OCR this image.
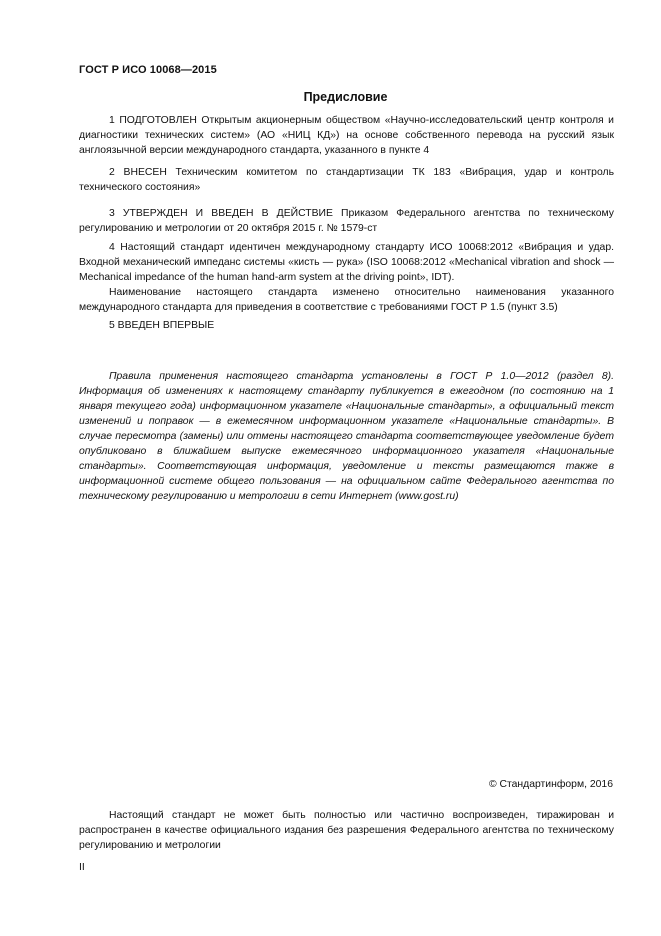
ГОСТ Р ИСО 10068—2015
Предисловие

1 ПОДГОТОВЛЕН Открытым акционерным обществом «Научно-исследовательский центр контроля и диагностики технических систем» (АО «НИЦ КД») на основе собственного перевода на русский язык англоязычной версии международного стандарта, указанного в пункте 4

2 ВНЕСЕН Техническим комитетом по стандартизации ТК 183 «Вибрация, удар и контроль технического состояния»

3 УТВЕРЖДЕН И ВВЕДЕН В ДЕЙСТВИЕ Приказом Федерального агентства по техническому регулированию и метрологии от 20 октября 2015 г. № 1579-ст

4 Настоящий стандарт идентичен международному стандарту ИСО 10068:2012 «Вибрация и удар. Входной механический импеданс системы «кисть — рука» (ISO 10068:2012 «Mechanical vibration and shock — Mechanical impedance of the human hand-arm system at the driving point», IDT).

Наименование настоящего стандарта изменено относительно наименования указанного международного стандарта для приведения в соответствие с требованиями ГОСТ Р 1.5 (пункт 3.5)

5 ВВЕДЕН ВПЕРВЫЕ

Правила применения настоящего стандарта установлены в ГОСТ Р 1.0—2012 (раздел 8). Информация об изменениях к настоящему стандарту публикуется в ежегодном (по состоянию на 1 января текущего года) информационном указателе «Национальные стандарты», а официальный текст изменений и поправок — в ежемесячном информационном указателе «Национальные стандарты». В случае пересмотра (замены) или отмены настоящего стандарта соответствующее уведомление будет опубликовано в ближайшем выпуске ежемесячного информационного указателя «Национальные стандарты». Соответствующая информация, уведомление и тексты размещаются также в информационной системе общего пользования — на официальном сайте Федерального агентства по техническому регулированию и метрологии в сети Интернет (www.gost.ru)

© Стандартинформ, 2016

Настоящий стандарт не может быть полностью или частично воспроизведен, тиражирован и распространен в качестве официального издания без разрешения Федерального агентства по техническому регулированию и метрологии

II
